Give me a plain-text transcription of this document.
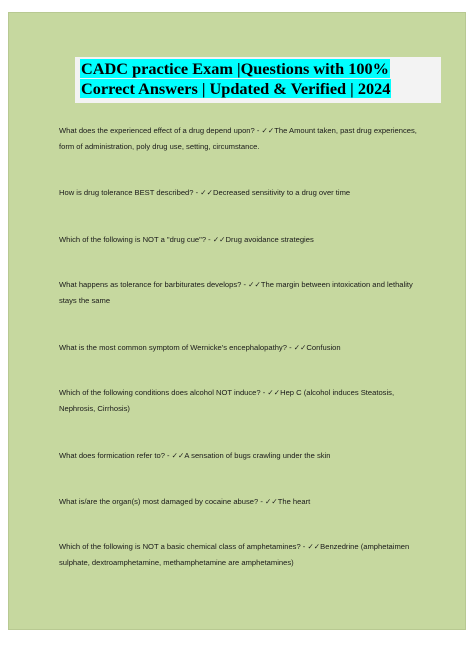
CADC practice Exam |Questions with 100%
Correct Answers | Updated & Verified | 2024

What does the experienced effect of a drug depend upon? - ✓✓The Amount taken, past drug experiences, form of administration, poly drug use, setting, circumstance.

How is drug tolerance BEST described? - ✓✓Decreased sensitivity to a drug over time

Which of the following is NOT a "drug cue"? - ✓✓Drug avoidance strategies

What happens as tolerance for barbiturates develops? - ✓✓The margin between intoxication and lethality stays the same

What is the most common symptom of Wernicke's encephalopathy? - ✓✓Confusion

Which of the following conditions does alcohol NOT induce? - ✓✓Hep C (alcohol induces Steatosis, Nephrosis, Cirrhosis)

What does formication refer to? - ✓✓A sensation of bugs crawling under the skin

What is/are the organ(s) most damaged by cocaine abuse? - ✓✓The heart

Which of the following is NOT a basic chemical class of amphetamines? - ✓✓Benzedrine (amphetaimen sulphate, dextroamphetamine, methamphetamine are amphetamines)
